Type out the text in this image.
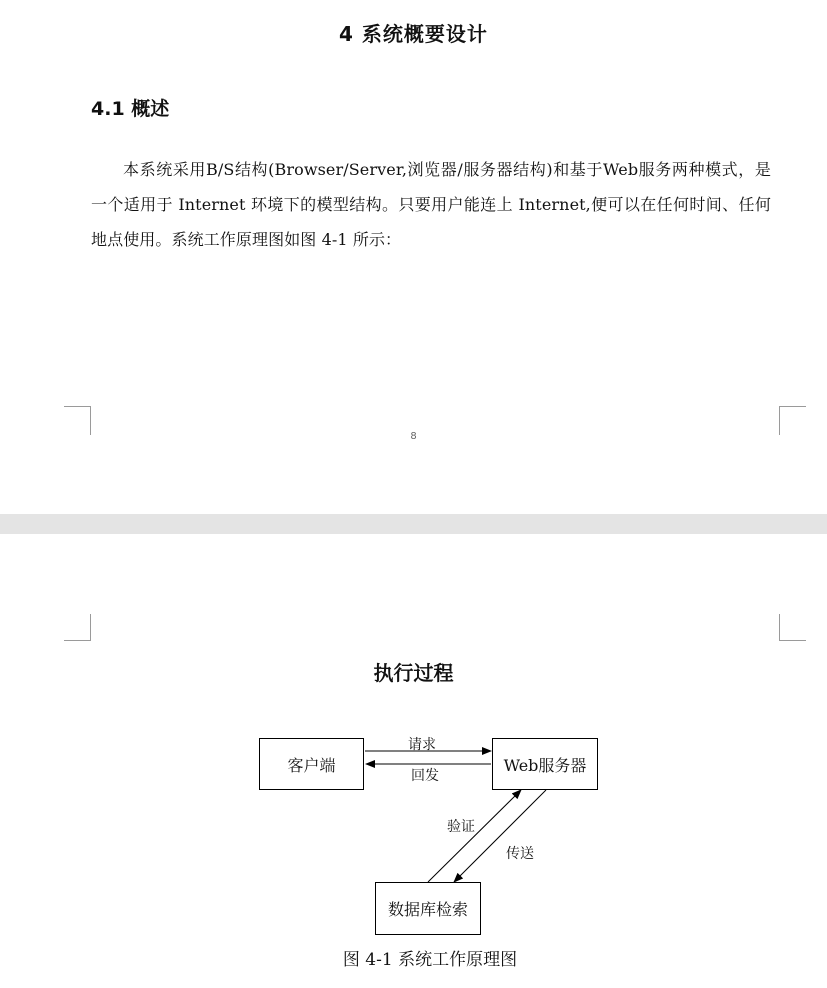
4 系统概要设计
4.1 概述
本系统采用B/S结构(Browser/Server,浏览器/服务器结构)和基于Web服务两种模式，是一个适用于 Internet 环境下的模型结构。只要用户能连上 Internet,便可以在任何时间、任何地点使用。系统工作原理图如图 4-1 所示：
8
执行过程
客户端	Web服务器
数据库检索
请求
回发
验证
传送
图 4-1 系统工作原理图
